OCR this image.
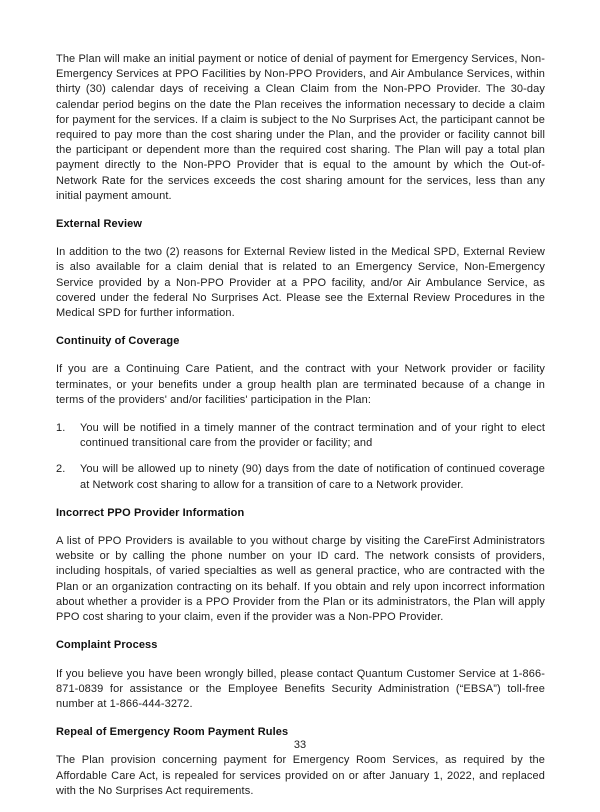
The Plan will make an initial payment or notice of denial of payment for Emergency Services, Non-Emergency Services at PPO Facilities by Non-PPO Providers, and Air Ambulance Services, within thirty (30) calendar days of receiving a Clean Claim from the Non-PPO Provider. The 30-day calendar period begins on the date the Plan receives the information necessary to decide a claim for payment for the services. If a claim is subject to the No Surprises Act, the participant cannot be required to pay more than the cost sharing under the Plan, and the provider or facility cannot bill the participant or dependent more than the required cost sharing. The Plan will pay a total plan payment directly to the Non-PPO Provider that is equal to the amount by which the Out-of-Network Rate for the services exceeds the cost sharing amount for the services, less than any initial payment amount.

External Review

In addition to the two (2) reasons for External Review listed in the Medical SPD, External Review is also available for a claim denial that is related to an Emergency Service, Non-Emergency Service provided by a Non-PPO Provider at a PPO facility, and/or Air Ambulance Service, as covered under the federal No Surprises Act. Please see the External Review Procedures in the Medical SPD for further information.

Continuity of Coverage

If you are a Continuing Care Patient, and the contract with your Network provider or facility terminates, or your benefits under a group health plan are terminated because of a change in terms of the providers' and/or facilities' participation in the Plan:

1.	You will be notified in a timely manner of the contract termination and of your right to elect continued transitional care from the provider or facility; and
2.	You will be allowed up to ninety (90) days from the date of notification of continued coverage at Network cost sharing to allow for a transition of care to a Network provider.
Incorrect PPO Provider Information

A list of PPO Providers is available to you without charge by visiting the CareFirst Administrators website or by calling the phone number on your ID card. The network consists of providers, including hospitals, of varied specialties as well as general practice, who are contracted with the Plan or an organization contracting on its behalf. If you obtain and rely upon incorrect information about whether a provider is a PPO Provider from the Plan or its administrators, the Plan will apply PPO cost sharing to your claim, even if the provider was a Non-PPO Provider.

Complaint Process

If you believe you have been wrongly billed, please contact Quantum Customer Service at 1-866-871-0839 for assistance or the Employee Benefits Security Administration (“EBSA”) toll-free number at 1-866-444-3272.

Repeal of Emergency Room Payment Rules

The Plan provision concerning payment for Emergency Room Services, as required by the Affordable Care Act, is repealed for services provided on or after January 1, 2022, and replaced with the No Surprises Act requirements.

33
